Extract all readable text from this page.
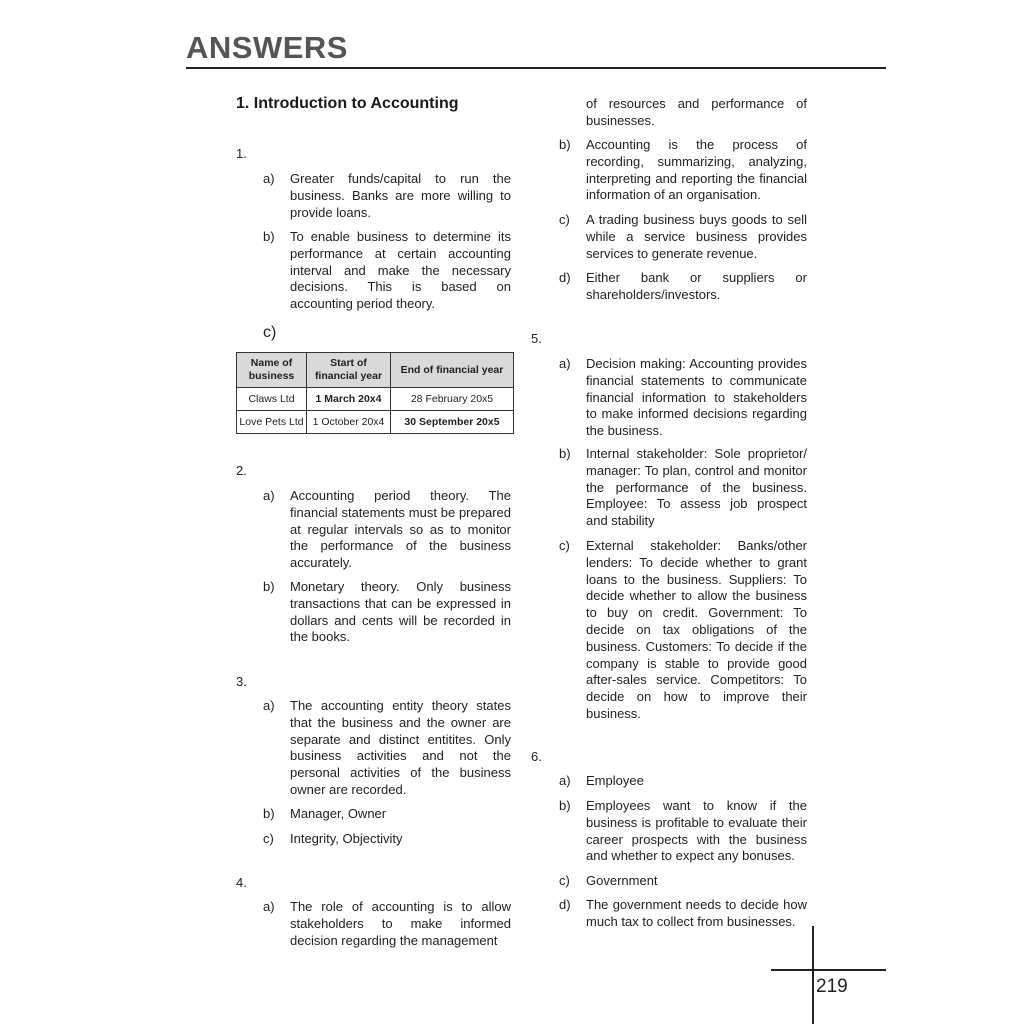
ANSWERS
1. Introduction to Accounting
1.
a) Greater funds/capital to run the business. Banks are more willing to provide loans.
b) To enable business to determine its performance at certain accounting interval and make the necessary decisions. This is based on accounting period theory.
c)
Name of business	Start of financial year	End of financial year
Claws Ltd	1 March 20x4	28 February 20x5
Love Pets Ltd	1 October 20x4	30 September 20x5
2.
a) Accounting period theory. The financial statements must be prepared at regular intervals so as to monitor the performance of the business accurately.
b) Monetary theory. Only business transactions that can be expressed in dollars and cents will be recorded in the books.
3.
a) The accounting entity theory states that the business and the owner are separate and distinct entitites. Only business activities and not the personal activities of the business owner are recorded.
b) Manager, Owner
c) Integrity, Objectivity
4.
a) The role of accounting is to allow stakeholders to make informed decision regarding the management
of resources and performance of businesses.
b) Accounting is the process of recording, summarizing, analyzing, interpreting and reporting the financial information of an organisation.
c) A trading business buys goods to sell while a service business provides services to generate revenue.
d) Either bank or suppliers or shareholders/investors.
5.
a) Decision making: Accounting provides financial statements to communicate financial information to stakeholders to make informed decisions regarding the business.
b) Internal stakeholder: Sole proprietor/ manager: To plan, control and monitor the performance of the business. Employee: To assess job prospect and stability
c) External stakeholder: Banks/other lenders: To decide whether to grant loans to the business. Suppliers: To decide whether to allow the business to buy on credit. Government: To decide on tax obligations of the business. Customers: To decide if the company is stable to provide good after-sales service. Competitors: To decide on how to improve their business.
6.
a) Employee
b) Employees want to know if the business is profitable to evaluate their career prospects with the business and whether to expect any bonuses.
c) Government
d) The government needs to decide how much tax to collect from businesses.
219
